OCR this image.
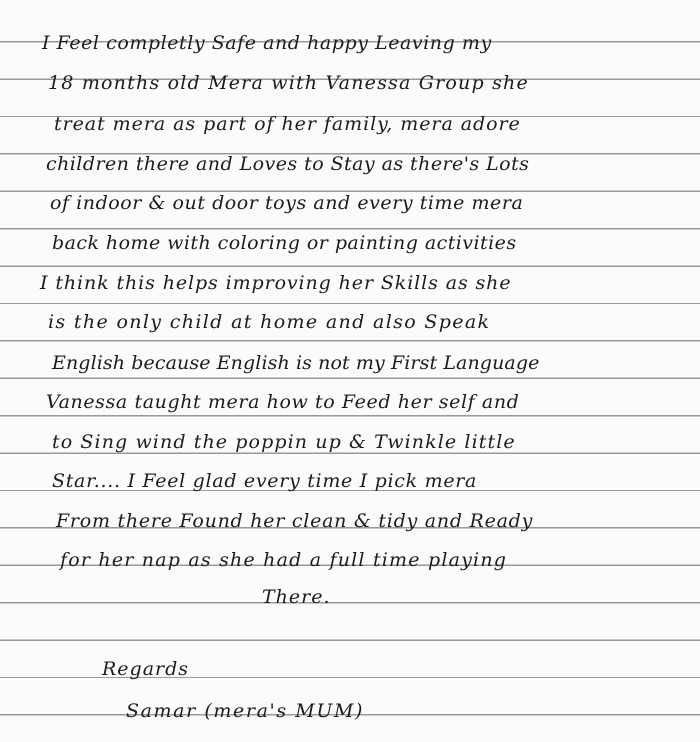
I Feel completly Safe and happy Leaving my
18 months old Mera with Vanessa Group she
treat mera as part of her family, mera adore
children there and Loves to Stay as there's Lots
of indoor & out door toys and every time mera
back home with coloring or painting activities
I think this helps improving her Skills as she
is the only child at home and also Speak
English because English is not my First Language
Vanessa taught mera how to Feed her self and
to Sing wind the poppin up & Twinkle little
Star.... I Feel glad every time I pick mera
From there Found her clean & tidy and Ready
for her nap as she had a full time playing
There.
Regards
Samar (mera's MUM)
